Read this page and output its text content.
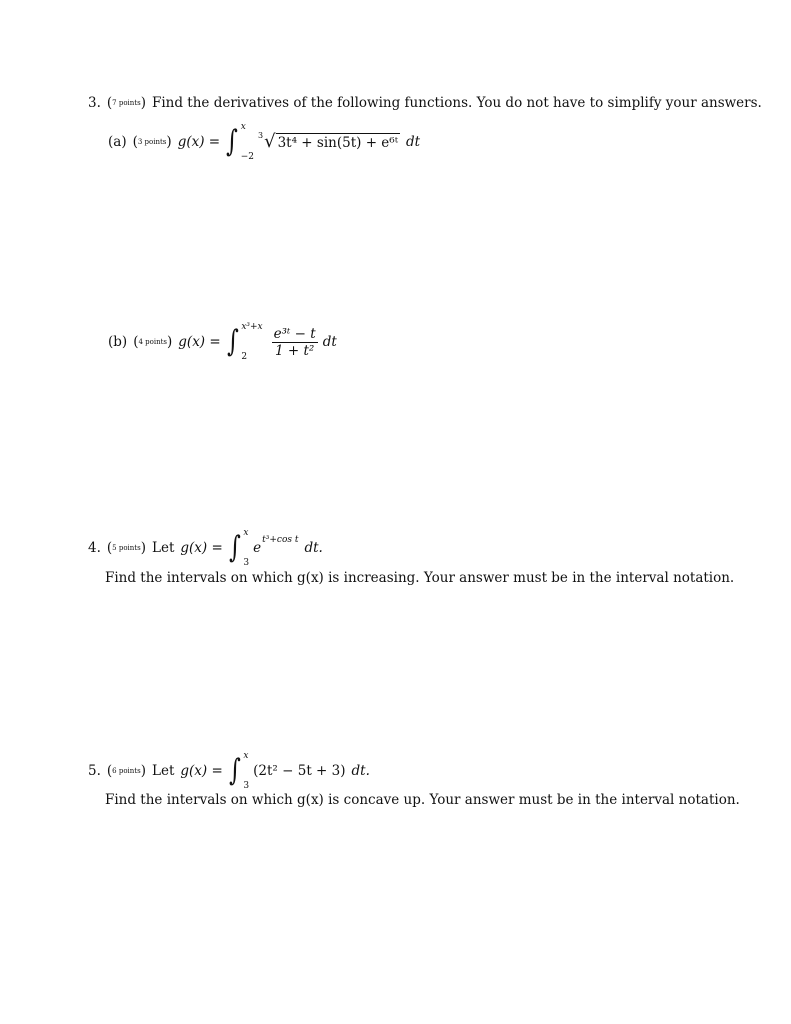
3. ( 7 points ) Find the derivatives of the following functions. You do not have to simplify your answers.
(a) ( 3 points ) g(x) = ∫ x
−2
3 √ 3t⁴ + sin(5t) + e⁶ᵗ dt
(b) ( 4 points ) g(x) = ∫ x³+x
2	$\frac{\text{e³ᵗ − t}}{\text{1 + t²}}$ dt
4. ( 5 points ) Let g(x) = ∫ x
3
e
t³+cos t
dt.
Find the intervals on which g(x) is increasing. Your answer must be in the interval notation.
5. ( 6 points ) Let g(x) = ∫ x
3
(2t² − 5t + 3) dt.
Find the intervals on which g(x) is concave up. Your answer must be in the interval notation.
